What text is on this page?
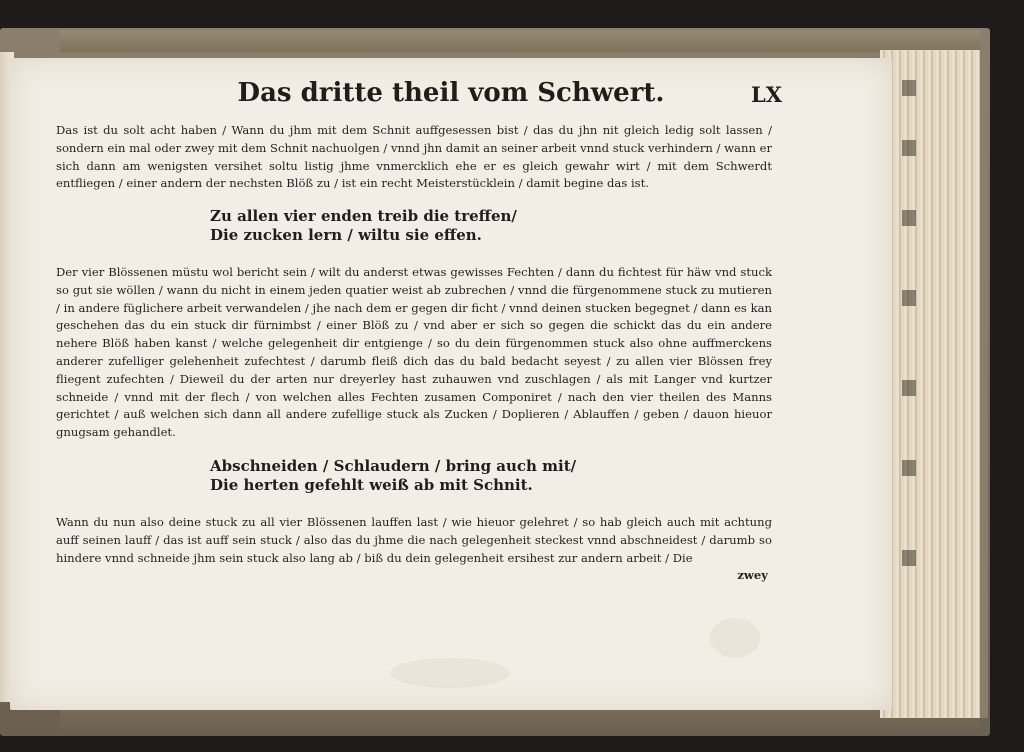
Das dritte theil vom Schwert.	LX
Das ist du solt acht haben / Wann du jhm mit dem Schnit auffgesessen bist / das du jhn nit gleich ledig solt lassen / sondern ein mal oder zwey mit dem Schnit nachuolgen / vnnd jhn damit an seiner arbeit vnnd stuck verhindern / wann er sich dann am wenigsten versihet soltu listig jhme vnmercklich ehe er es gleich gewahr wirt / mit dem Schwerdt entfliegen / einer andern der nechsten Blöß zu / ist ein recht Meisterstücklein / damit begine das ist.
Zu allen vier enden treib die treffen/
Die zucken lern / wiltu sie effen.
Der vier Blössenen müstu wol bericht sein / wilt du anderst etwas gewisses Fechten / dann du fichtest für häw vnd stuck so gut sie wöllen / wann du nicht in einem jeden quatier weist ab zubrechen / vnnd die fürgenommene stuck zu mutieren / in andere füglichere arbeit verwandelen / jhe nach dem er gegen dir ficht / vnnd deinen stucken begegnet / dann es kan geschehen das du ein stuck dir fürnimbst / einer Blöß zu / vnd aber er sich so gegen die schickt das du ein andere nehere Blöß haben kanst / welche gelegenheit dir entgienge / so du dein fürgenommen stuck also ohne auffmerckens anderer zufelliger gelehenheit zufechtest / darumb fleiß dich das du bald bedacht seyest / zu allen vier Blössen frey fliegent zufechten / Dieweil du der arten nur dreyerley hast zuhauwen vnd zuschlagen / als mit Langer vnd kurtzer schneide / vnnd mit der flech / von welchen alles Fechten zusamen Componiret / nach den vier theilen des Manns gerichtet / auß welchen sich dann all andere zufellige stuck als Zucken / Doplieren / Ablauffen / geben / dauon hieuor gnugsam gehandlet.
Abschneiden / Schlaudern / bring auch mit/
Die herten gefehlt weiß ab mit Schnit.
Wann du nun also deine stuck zu all vier Blössenen lauffen last / wie hieuor gelehret / so hab gleich auch mit achtung auff seinen lauff / das ist auff sein stuck / also das du jhme die nach gelegenheit steckest vnnd abschneidest / darumb so hindere vnnd schneide jhm sein stuck also lang ab / biß du dein gelegenheit ersihest zur andern arbeit / Die
zwey
